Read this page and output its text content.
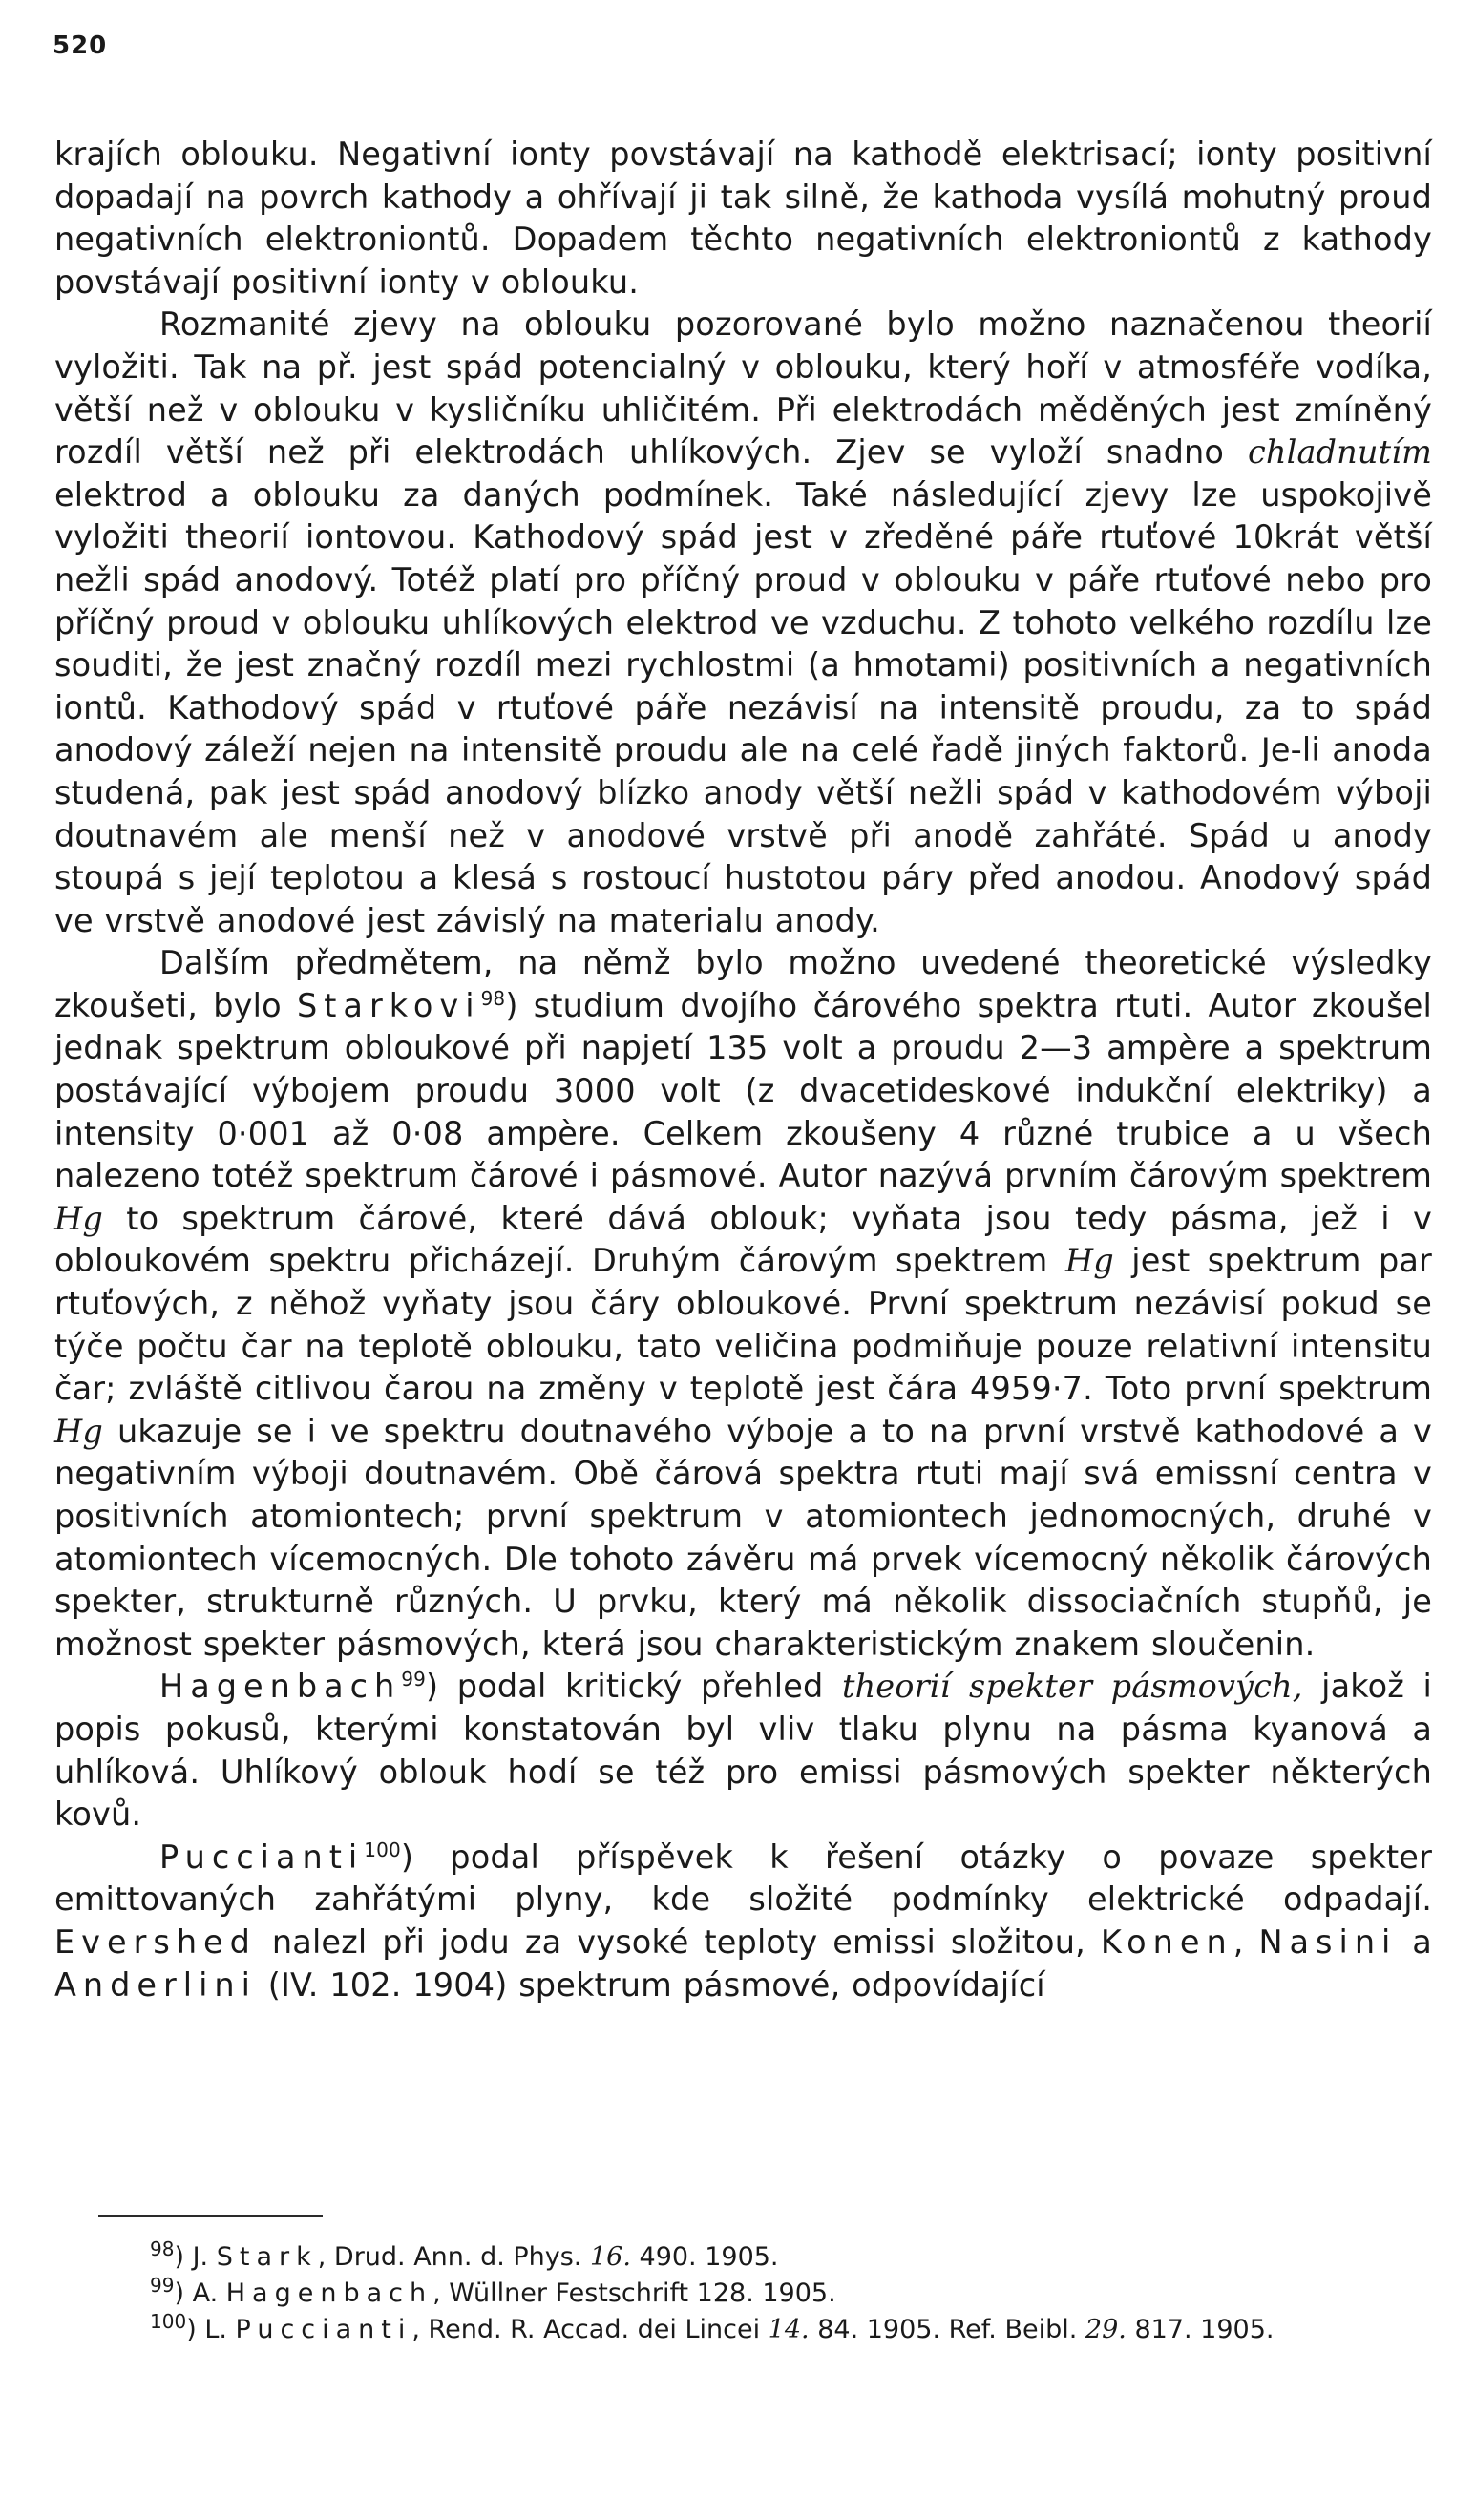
520

krajích oblouku. Negativní ionty povstávají na kathodě elektrisací; ionty positivní dopadají na povrch kathody a ohřívají ji tak silně, že kathoda vysílá mohutný proud negativních elektroniontů. Dopadem těchto negativních elektroniontů z kathody povstávají positivní ionty v oblouku.

Rozmanité zjevy na oblouku pozorované bylo možno naznačenou theorií vyložiti. Tak na př. jest spád potencialný v oblouku, který hoří v atmosféře vodíka, větší než v oblouku v kysličníku uhličitém. Při elektrodách měděných jest zmíněný rozdíl větší než při elektrodách uhlíkových. Zjev se vyloží snadno chladnutím elektrod a oblouku za daných podmínek. Také následující zjevy lze uspokojivě vyložiti theorií iontovou. Kathodový spád jest v zředěné páře rtuťové 10krát větší nežli spád anodový. Totéž platí pro příčný proud v oblouku v páře rtuťové nebo pro příčný proud v oblouku uhlíkových elektrod ve vzduchu. Z tohoto velkého rozdílu lze souditi, že jest značný rozdíl mezi rychlostmi (a hmotami) positivních a negativních iontů. Kathodový spád v rtuťové páře nezávisí na intensitě proudu, za to spád anodový záleží nejen na intensitě proudu ale na celé řadě jiných faktorů. Je-li anoda studená, pak jest spád anodový blízko anody větší nežli spád v kathodovém výboji doutnavém ale menší než v anodové vrstvě při anodě zahřáté. Spád u anody stoupá s její teplotou a klesá s rostoucí hustotou páry před anodou. Anodový spád ve vrstvě anodové jest závislý na materialu anody.

Dalším předmětem, na němž bylo možno uvedené theoretické výsledky zkoušeti, bylo Starkovi$^{98}$) studium dvojího čárového spektra rtuti. Autor zkoušel jednak spektrum obloukové při napjetí 135 volt a proudu 2—3 ampère a spektrum postávající výbojem proudu 3000 volt (z dvacetideskové indukční elektriky) a intensity 0·001 až 0·08 ampère. Celkem zkoušeny 4 různé trubice a u všech nalezeno totéž spektrum čárové i pásmové. Autor nazývá prvním čárovým spektrem Hg to spektrum čárové, které dává oblouk; vyňata jsou tedy pásma, jež i v obloukovém spektru přicházejí. Druhým čárovým spektrem Hg jest spektrum par rtuťových, z něhož vyňaty jsou čáry obloukové. První spektrum nezávisí pokud se týče počtu čar na teplotě oblouku, tato veličina podmiňuje pouze relativní intensitu čar; zvláště citlivou čarou na změny v teplotě jest čára 4959·7. Toto první spektrum Hg ukazuje se i ve spektru doutnavého výboje a to na první vrstvě kathodové a v negativním výboji doutnavém. Obě čárová spektra rtuti mají svá emissní centra v positivních atomiontech; první spektrum v atomiontech jednomocných, druhé v atomiontech vícemocných. Dle tohoto závěru má prvek vícemocný několik čárových spekter, strukturně různých. U prvku, který má několik dissociačních stupňů, je možnost spekter pásmových, která jsou charakteristickým znakem sloučenin.

Hagenbach$^{99}$) podal kritický přehled theorií spekter pásmových, jakož i popis pokusů, kterými konstatován byl vliv tlaku plynu na pásma kyanová a uhlíková. Uhlíkový oblouk hodí se též pro emissi pásmových spekter některých kovů.

Puccianti$^{100}$) podal příspěvek k řešení otázky o povaze spekter emittovaných zahřátými plyny, kde složité podmínky elektrické odpadají. Evershed nalezl při jodu za vysoké teploty emissi složitou, Konen, Nasini a Anderlini (IV. 102. 1904) spektrum pásmové, odpovídající

$^{98}$) J. Stark, Drud. Ann. d. Phys. 16. 490. 1905.

$^{99}$) A. Hagenbach, Wüllner Festschrift 128. 1905.

$^{100}$) L. Puccianti, Rend. R. Accad. dei Lincei 14. 84. 1905. Ref. Beibl. 29. 817. 1905.
